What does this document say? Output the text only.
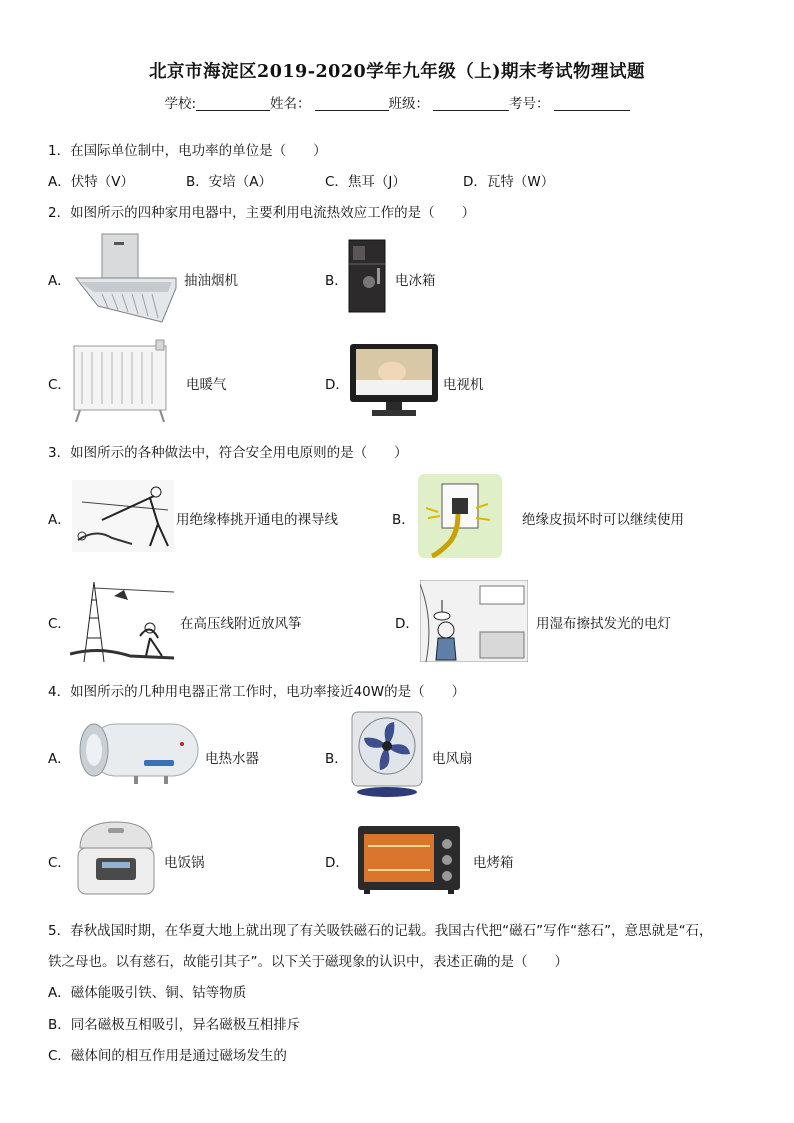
北京市海淀区2019-2020学年九年级（上)期末考试物理试题
学校:	姓名：	班级：	考号：
1．在国际单位制中，电功率的单位是（　　）
A．伏特（V）	B．安培（A）	C．焦耳（J）	D．瓦特（W）
2．如图所示的四种家用电器中，主要利用电流热效应工作的是（　　）
A．	抽油烟机	B．	电冰箱
C．	电暖气	D．	电视机
3．如图所示的各种做法中，符合安全用电原则的是（　　）
A．	用绝缘棒挑开通电的裸导线	B．	绝缘皮损坏时可以继续使用
C．	在高压线附近放风筝	D．	用湿布擦拭发光的电灯
4．如图所示的几种用电器正常工作时，电功率接近40W的是（　　）
A．	电热水器	B．	电风扇
C．	电饭锅	D．	电烤箱
5．春秋战国时期，在华夏大地上就出现了有关吸铁磁石的记载。我国古代把“磁石”写作“慈石”，意思就是“石，
铁之母也。以有慈石，故能引其子”。以下关于磁现象的认识中，表述正确的是（　　）
A．磁体能吸引铁、铜、钴等物质
B．同名磁极互相吸引，异名磁极互相排斥
C．磁体间的相互作用是通过磁场发生的
